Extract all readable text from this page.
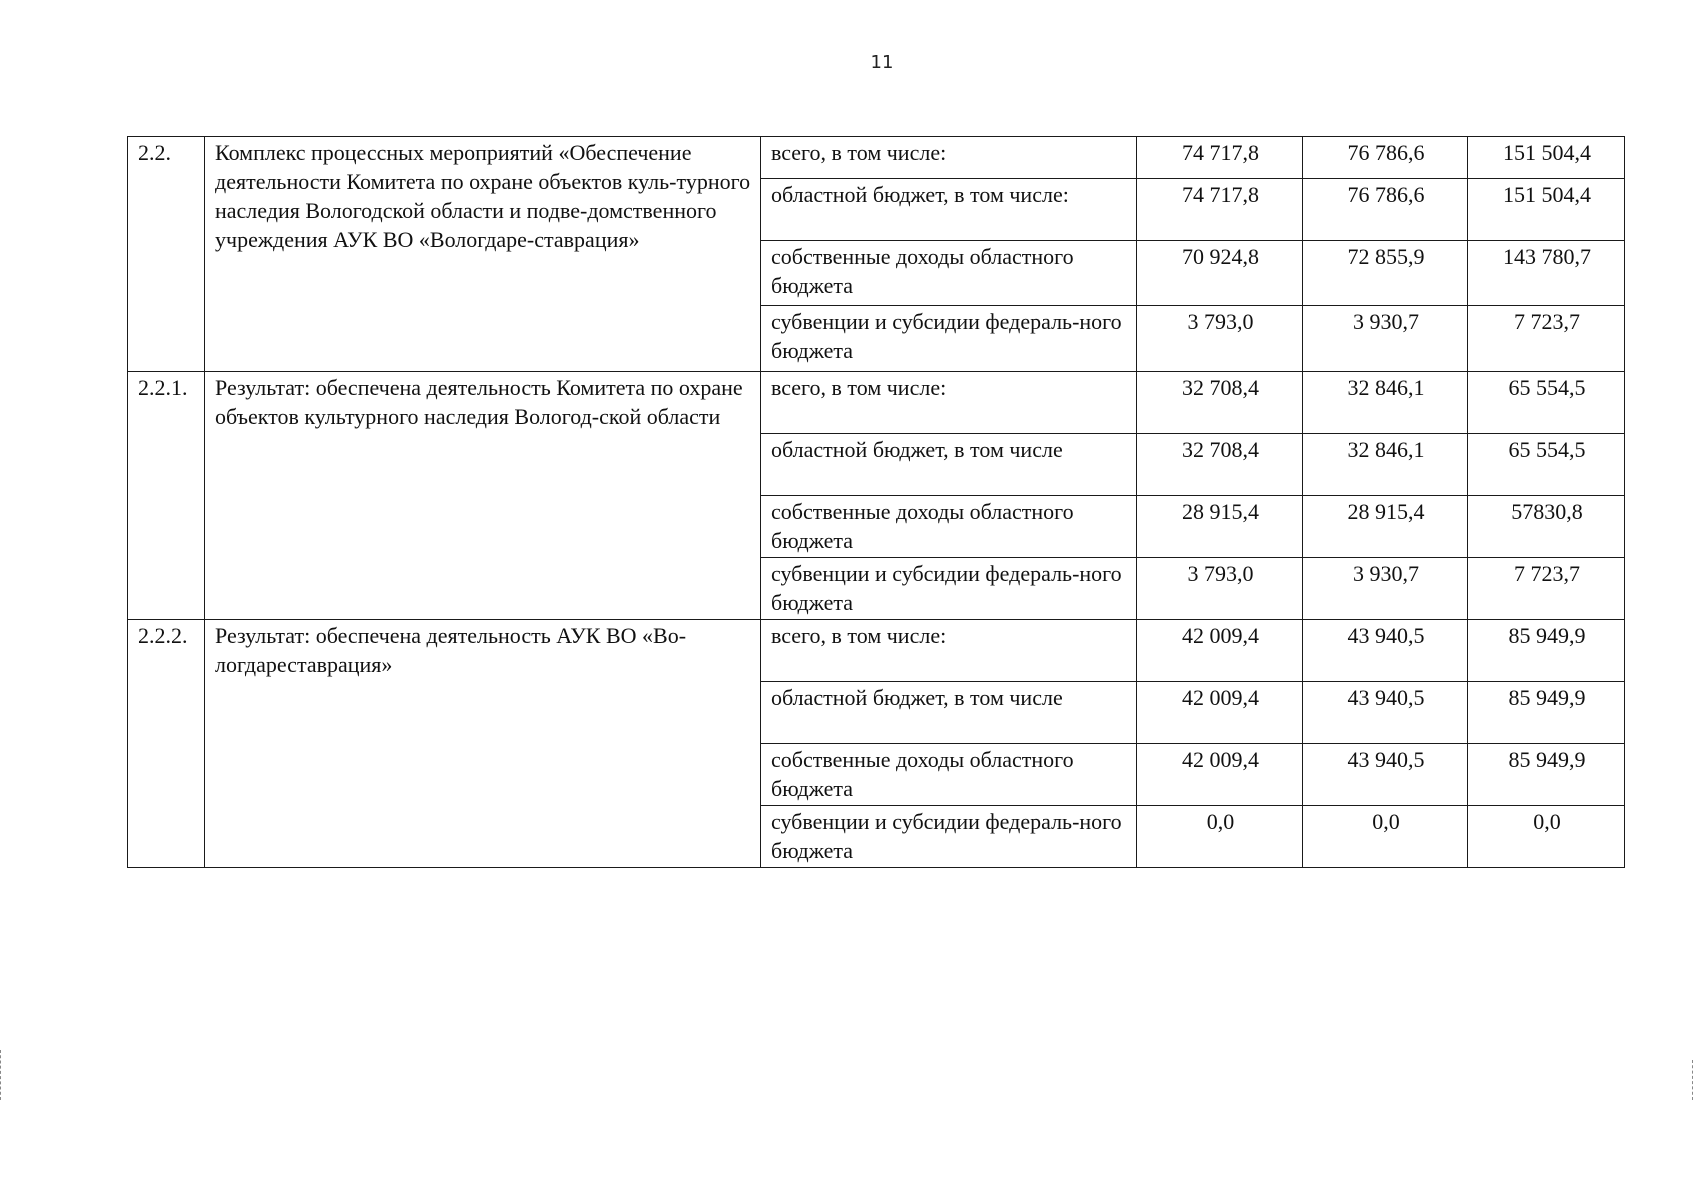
11
2.2.	Комплекс процессных мероприятий «Обеспечение деятельности Комитета по охране объектов куль-турного наследия Вологодской области и подве-домственного учреждения АУК ВО «Вологдаре-ставрация»	всего, в том числе:	74 717,8	76 786,6	151 504,4
		областной бюджет, в том числе:	74 717,8	76 786,6	151 504,4
		собственные доходы областного бюджета	70 924,8	72 855,9	143 780,7
		субвенции и субсидии федераль-ного бюджета	3 793,0	3 930,7	7 723,7
2.2.1.	Результат: обеспечена деятельность Комитета по охране объектов культурного наследия Вологод-ской области	всего, в том числе:	32 708,4	32 846,1	65 554,5
		областной бюджет, в том числе	32 708,4	32 846,1	65 554,5
		собственные доходы областного бюджета	28 915,4	28 915,4	57830,8
		субвенции и субсидии федераль-ного бюджета	3 793,0	3 930,7	7 723,7
2.2.2.	Результат: обеспечена деятельность АУК ВО «Во-логдареставрация»	всего, в том числе:	42 009,4	43 940,5	85 949,9
		областной бюджет, в том числе	42 009,4	43 940,5	85 949,9
		собственные доходы областного бюджета	42 009,4	43 940,5	85 949,9
		субвенции и субсидии федераль-ного бюджета	0,0	0,0	0,0
